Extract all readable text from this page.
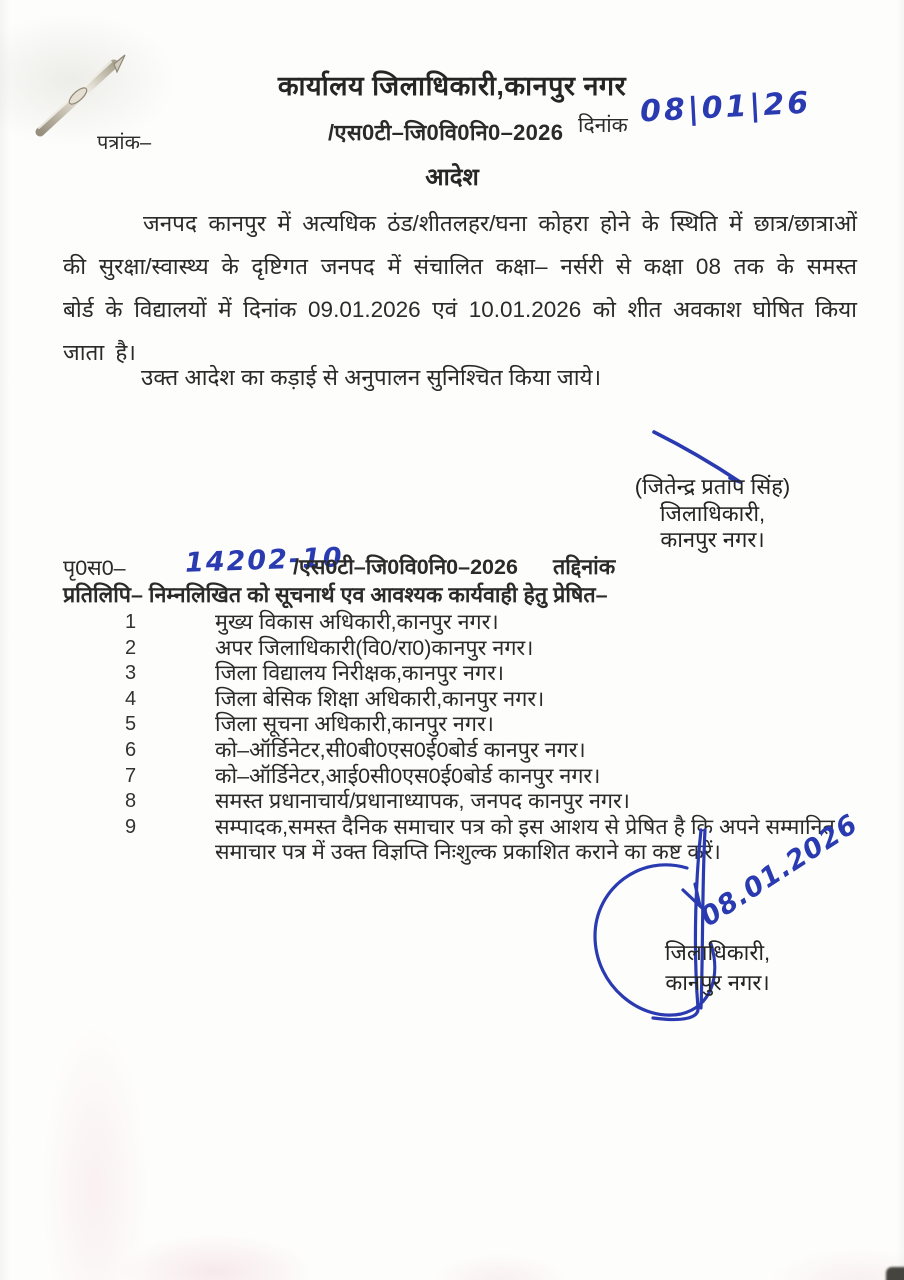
कार्यालय जिलाधिकारी,कानपुर नगर
पत्रांक–	/एस0टी–जि0वि0नि0–2026 दिनांक 08|01|26
आदेश
जनपद कानपुर में अत्यधिक ठंड/शीतलहर/घना कोहरा होने के स्थिति में छात्र/छात्राओं की सुरक्षा/स्वास्थ्य के दृष्टिगत जनपद में संचालित कक्षा– नर्सरी से कक्षा 08 तक के समस्त बोर्ड के विद्यालयों में दिनांक 09.01.2026 एवं 10.01.2026 को शीत अवकाश घोषित किया जाता है।
उक्त आदेश का कड़ाई से अनुपालन सुनिश्चित किया जाये।
(जितेन्द्र प्रताप सिंह)
जिलाधिकारी,
कानपुर नगर।
पृ0स0– 14202-10
/एस0टी–जि0वि0नि0–2026 तद्दिनांक
प्रतिलिपि– निम्नलिखित को सूचनार्थ एव आवश्यक कार्यवाही हेतु प्रेषित–
1	मुख्य विकास अधिकारी,कानपुर नगर।
2	अपर जिलाधिकारी(वि0/रा0)कानपुर नगर।
3	जिला विद्यालय निरीक्षक,कानपुर नगर।
4	जिला बेसिक शिक्षा अधिकारी,कानपुर नगर।
5	जिला सूचना अधिकारी,कानपुर नगर।
6	को–ऑर्डिनेटर,सी0बी0एस0ई0बोर्ड कानपुर नगर।
7	को–ऑर्डिनेटर,आई0सी0एस0ई0बोर्ड कानपुर नगर।
8	समस्त प्रधानाचार्य/प्रधानाध्यापक, जनपद कानपुर नगर।
9	सम्पादक,समस्त दैनिक समाचार पत्र को इस आशय से प्रेषित है कि अपने सम्मानित समाचार पत्र में उक्त विज्ञप्ति निःशुल्क प्रकाशित कराने का कष्ट करें।
08.01.2026
जिलाधिकारी,
कानपुर नगर।
